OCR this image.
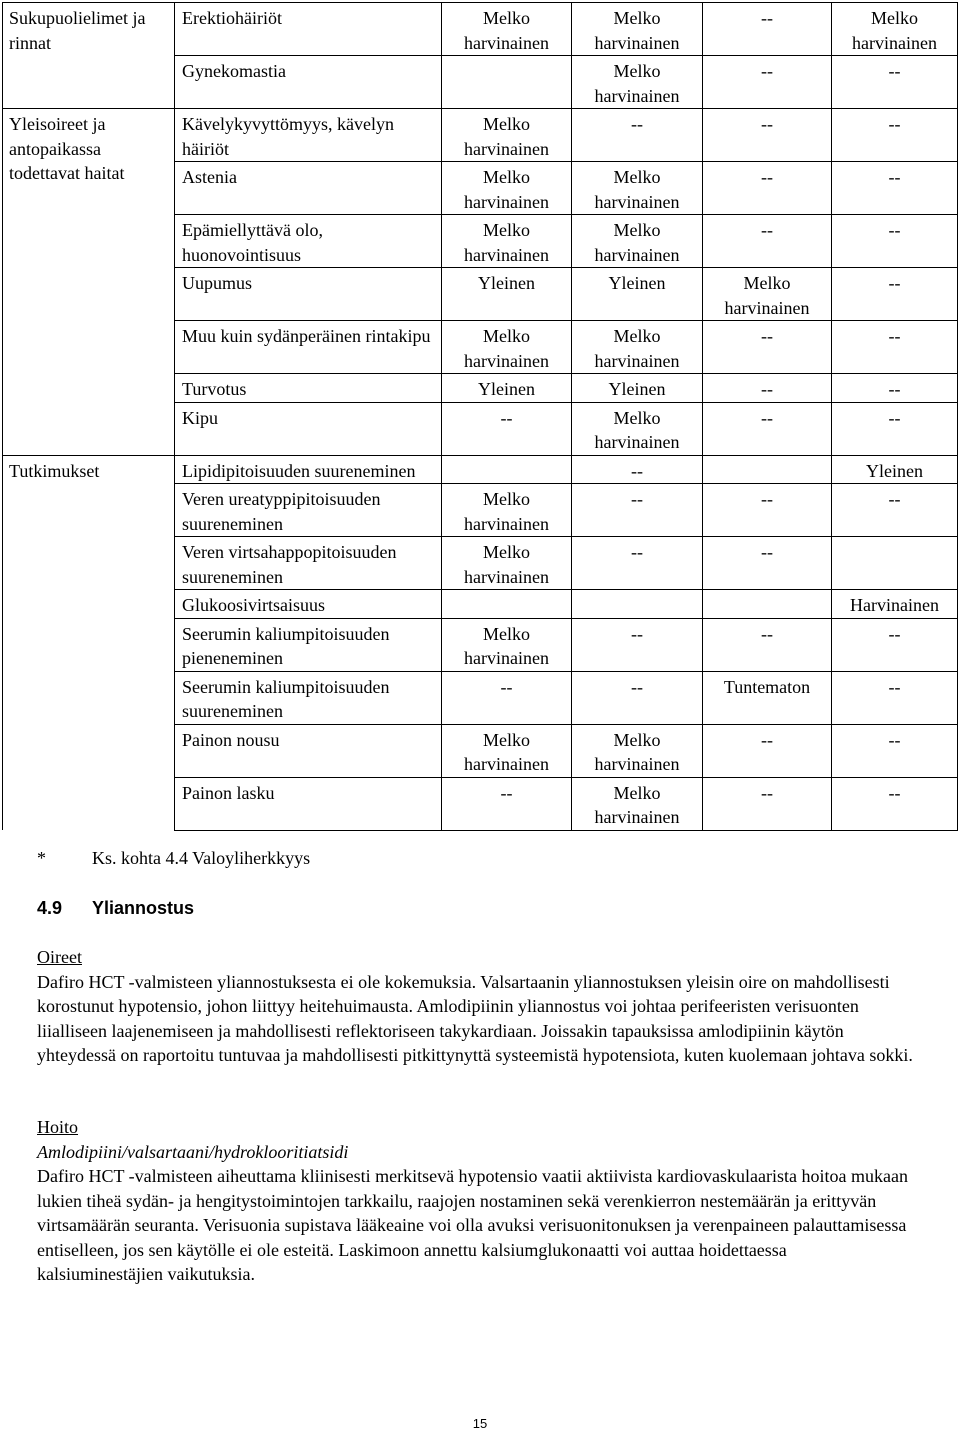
Sukupuolielimet ja rinnat	Erektiohäiriöt	Melko harvinainen	Melko harvinainen	--	Melko harvinainen
	Gynekomastia		Melko harvinainen	--	--
Yleisoireet ja antopaikassa todettavat haitat	Kävelykyvyttömyys, kävelyn häiriöt	Melko harvinainen	--	--	--
	Astenia	Melko harvinainen	Melko harvinainen	--	--
	Epämiellyttävä olo, huonovointisuus	Melko harvinainen	Melko harvinainen	--	--
	Uupumus	Yleinen	Yleinen	Melko harvinainen	--
	Muu kuin sydänperäinen rintakipu	Melko harvinainen	Melko harvinainen	--	--
	Turvotus	Yleinen	Yleinen	--	--
	Kipu	--	Melko harvinainen	--	--
Tutkimukset	Lipidipitoisuuden suureneminen		--		Yleinen
	Veren ureatyppipitoisuuden suureneminen	Melko harvinainen	--	--	--
	Veren virtsahappopitoisuuden suureneminen	Melko harvinainen	--	--	
	Glukoosivirtsaisuus				Harvinainen
	Seerumin kaliumpitoisuuden pieneneminen	Melko harvinainen	--	--	--
	Seerumin kaliumpitoisuuden suureneminen	--	--	Tuntematon	--
	Painon nousu	Melko harvinainen	Melko harvinainen	--	--
	Painon lasku	--	Melko harvinainen	--	--
*	Ks. kohta 4.4 Valoyliherkkyys
4.9 Yliannostus
Oireet
Dafiro HCT -valmisteen yliannostuksesta ei ole kokemuksia. Valsartaanin yliannostuksen yleisin oire on mahdollisesti korostunut hypotensio, johon liittyy heitehuimausta. Amlodipiinin yliannostus voi johtaa perifeeristen verisuonten liialliseen laajenemiseen ja mahdollisesti reflektoriseen takykardiaan. Joissakin tapauksissa amlodipiinin käytön yhteydessä on raportoitu tuntuvaa ja mahdollisesti pitkittynyttä systeemistä hypotensiota, kuten kuolemaan johtava sokki.
Hoito
Amlodipiini/valsartaani/hydroklooritiatsidi
Dafiro HCT -valmisteen aiheuttama kliinisesti merkitsevä hypotensio vaatii aktiivista kardiovaskulaarista hoitoa mukaan lukien tiheä sydän- ja hengitystoimintojen tarkkailu, raajojen nostaminen sekä verenkierron nestemäärän ja erittyvän virtsamäärän seuranta. Verisuonia supistava lääkeaine voi olla avuksi verisuonitonuksen ja verenpaineen palauttamisessa entiselleen, jos sen käytölle ei ole esteitä. Laskimoon annettu kalsiumglukonaatti voi auttaa hoidettaessa kalsiuminestäjien vaikutuksia.
15
